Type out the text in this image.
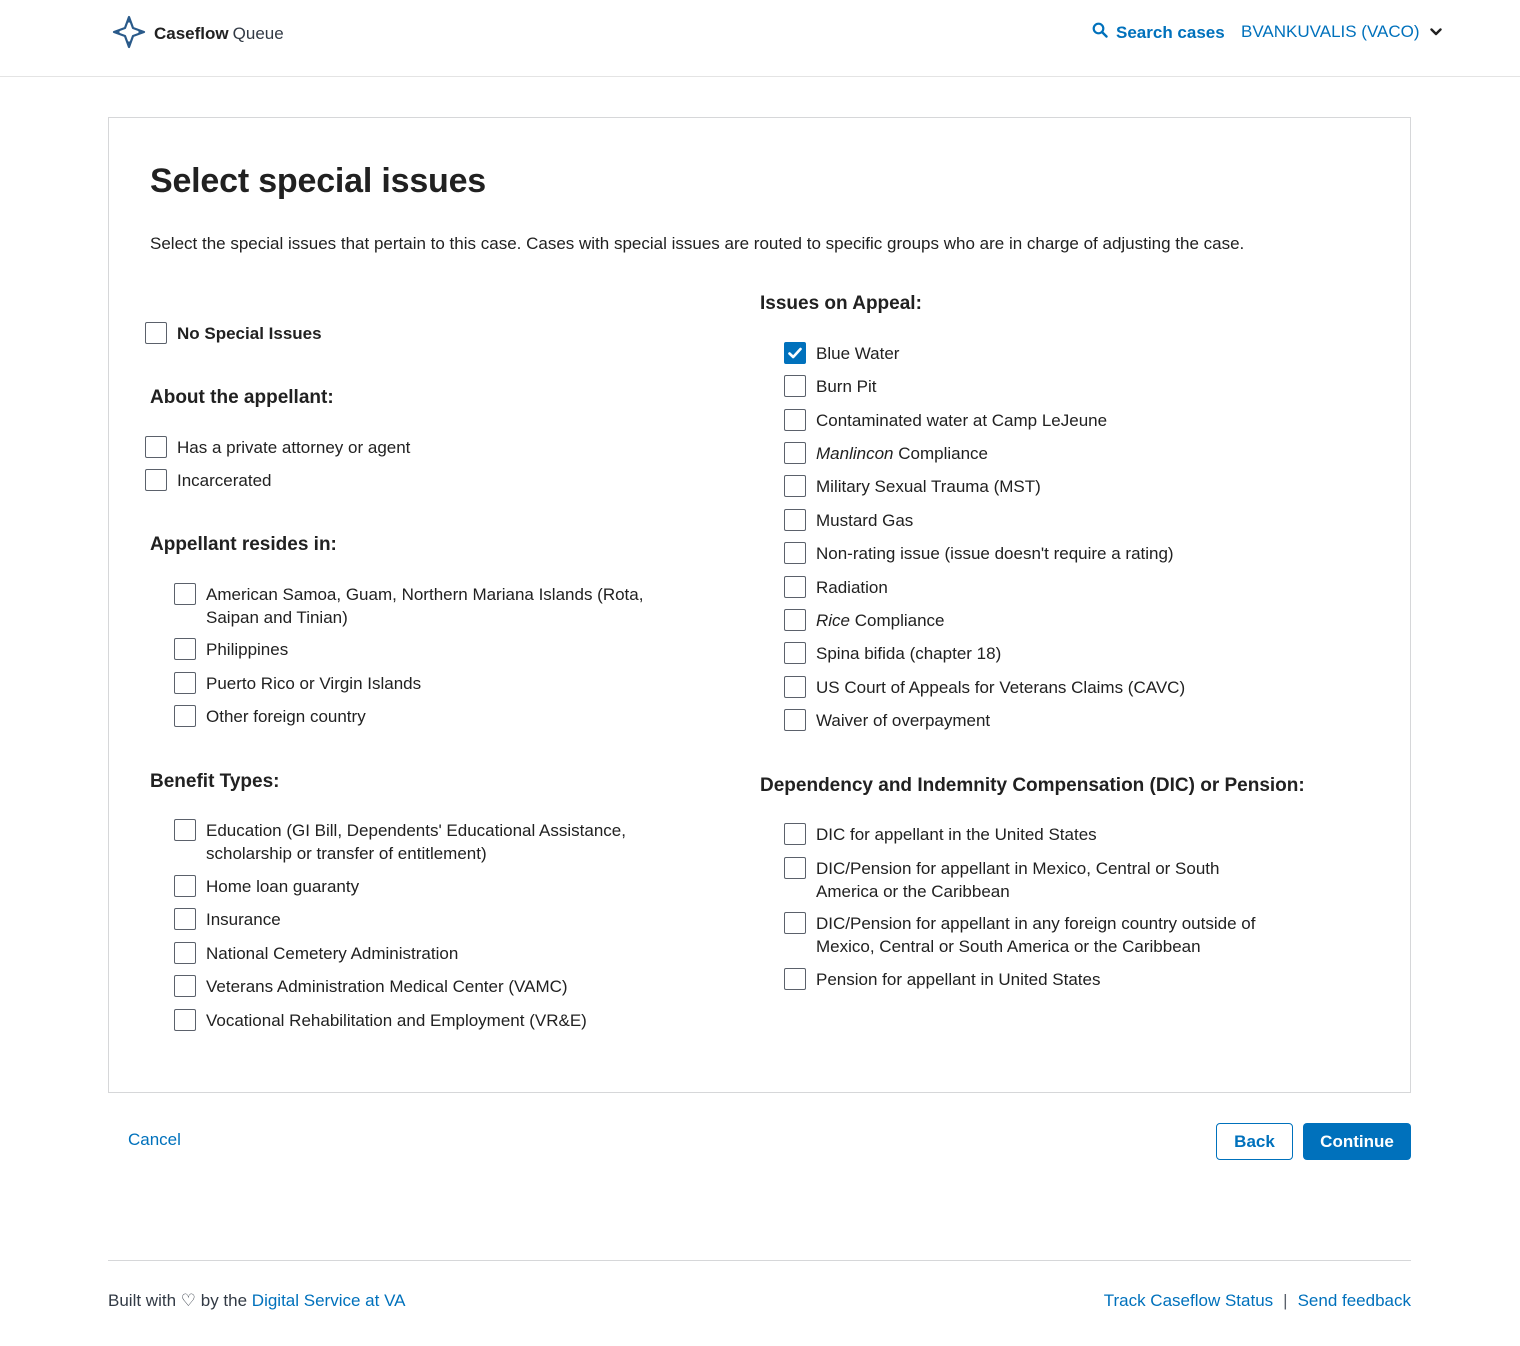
Caseflow Queue	Search cases BVANKUVALIS (VACO)
Select special issues

Select the special issues that pertain to this case. Cases with special issues are routed to specific groups who are in charge of adjusting the case.

No Special Issues
About the appellant:
Has a private attorney or agent
Incarcerated
Appellant resides in:
American Samoa, Guam, Northern Mariana Islands (Rota,
Saipan and Tinian)
Philippines
Puerto Rico or Virgin Islands
Other foreign country
Benefit Types:
Education (GI Bill, Dependents' Educational Assistance,
scholarship or transfer of entitlement)
Home loan guaranty
Insurance
National Cemetery Administration
Veterans Administration Medical Center (VAMC)
Vocational Rehabilitation and Employment (VR&E)
Issues on Appeal:
Blue Water
Burn Pit
Contaminated water at Camp LeJeune
Manlincon Compliance
Military Sexual Trauma (MST)
Mustard Gas
Non-rating issue (issue doesn't require a rating)
Radiation
Rice Compliance
Spina bifida (chapter 18)
US Court of Appeals for Veterans Claims (CAVC)
Waiver of overpayment
Dependency and Indemnity Compensation (DIC) or Pension:
DIC for appellant in the United States
DIC/Pension for appellant in Mexico, Central or South
America or the Caribbean
DIC/Pension for appellant in any foreign country outside of
Mexico, Central or South America or the Caribbean
Pension for appellant in United States
Cancel	Back	Continue
Built with ♡ by the Digital Service at VA	Track Caseflow Status | Send feedback
